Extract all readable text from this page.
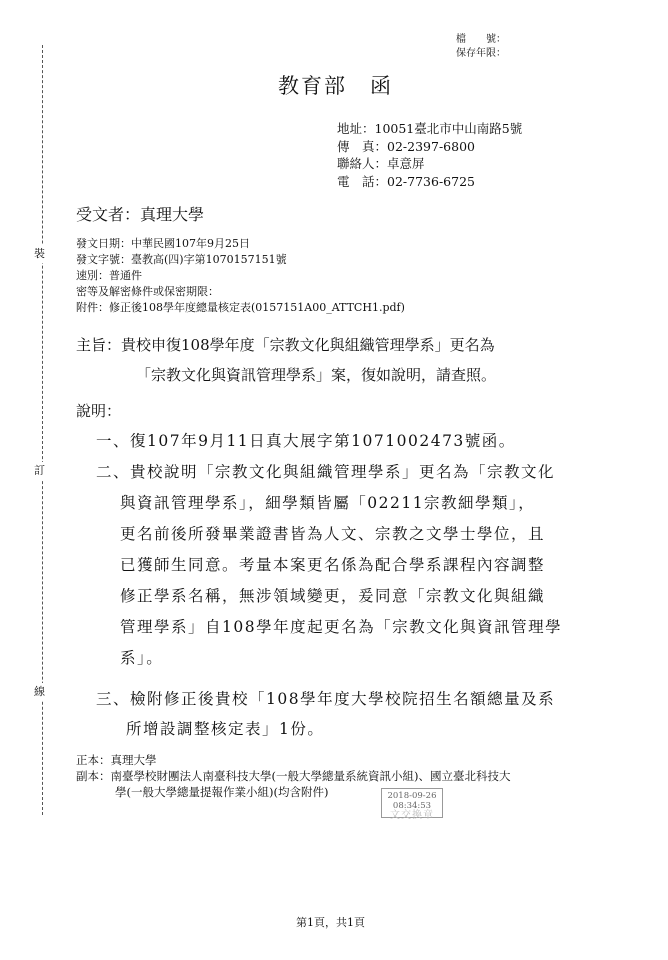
裝
訂
線
檔　　號：
保存年限：
教育部　函
地址：10051臺北市中山南路5號
傳　真：02-2397-6800
聯絡人：卓意屏
電　話：02-7736-6725
受文者：真理大學
發文日期：中華民國107年9月25日
發文字號：臺教高(四)字第1070157151號
速別：普通件
密等及解密條件或保密期限：
附件：修正後108學年度總量核定表(0157151A00_ATTCH1.pdf)
主旨：貴校申復108學年度「宗教文化與組織管理學系」更名為
「宗教文化與資訊管理學系」案，復如說明，請查照。
說明：
一、復107年9月11日真大展字第1071002473號函。
二、貴校說明「宗教文化與組織管理學系」更名為「宗教文化
與資訊管理學系」，細學類皆屬「02211宗教細學類」，
更名前後所發畢業證書皆為人文、宗教之文學士學位，且
已獲師生同意。考量本案更名係為配合學系課程內容調整
修正學系名稱，無涉領域變更，爰同意「宗教文化與組織
管理學系」自108學年度起更名為「宗教文化與資訊管理學
系」。
三、檢附修正後貴校「108學年度大學校院招生名額總量及系
所增設調整核定表」1份。
正本：真理大學
副本：南臺學校財團法人南臺科技大學(一般大學總量系統資訊小組)、國立臺北科技大
學(一般大學總量提報作業小組)(均含附件)	2018-09-26
08:34:53
文交換章
第1頁，共1頁
